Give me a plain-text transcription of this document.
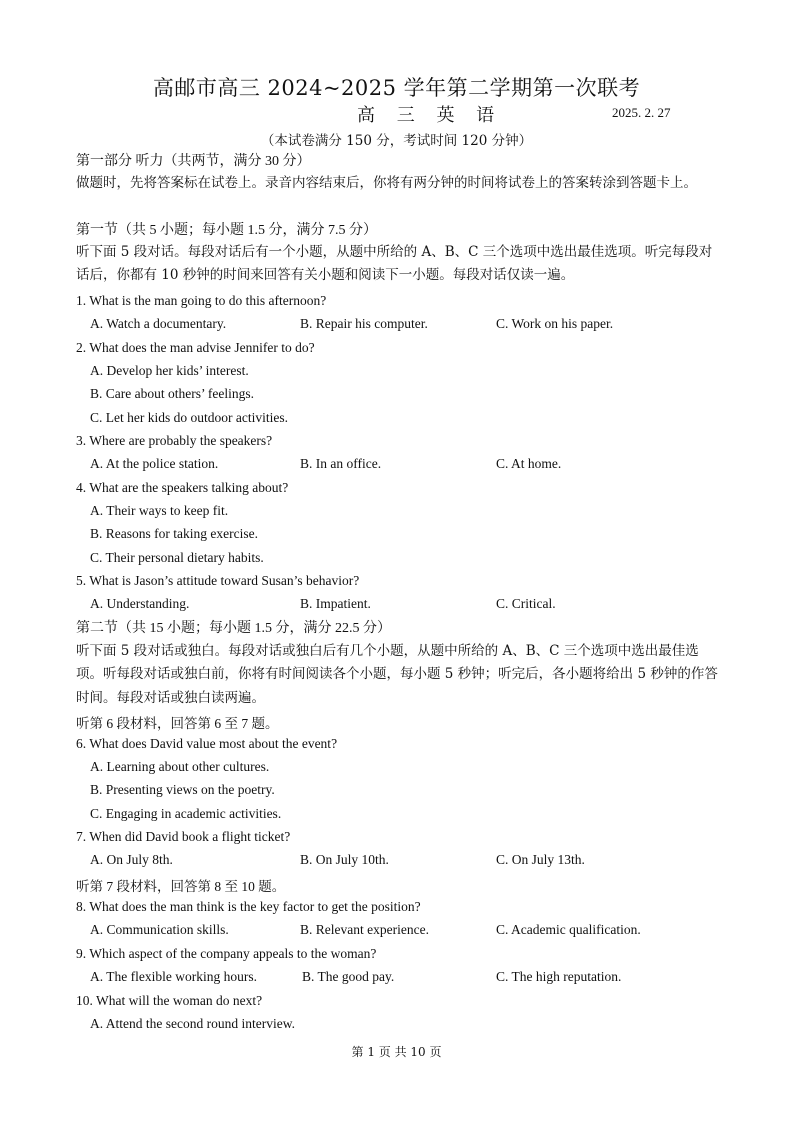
高邮市高三 2024~2025 学年第二学期第一次联考
高 三 英 语	2025. 2. 27
（本试卷满分 150 分，考试时间 120 分钟）
第一部分 听力（共两节，满分 30 分）
做题时，先将答案标在试卷上。录音内容结束后，你将有两分钟的时间将试卷上的答案转涂到答题卡上。
第一节（共 5 小题；每小题 1.5 分，满分 7.5 分）
听下面 5 段对话。每段对话后有一个小题，从题中所给的 A、B、C 三个选项中选出最佳选项。听完每段对话后，你都有 10 秒钟的时间来回答有关小题和阅读下一小题。每段对话仅读一遍。
1. What is the man going to do this afternoon?
A. Watch a documentary.	B. Repair his computer.	C. Work on his paper.
2. What does the man advise Jennifer to do?
A. Develop her kids’ interest.
B. Care about others’ feelings.
C. Let her kids do outdoor activities.
3. Where are probably the speakers?
A. At the police station.	B. In an office.	C. At home.
4. What are the speakers talking about?
A. Their ways to keep fit.
B. Reasons for taking exercise.
C. Their personal dietary habits.
5. What is Jason’s attitude toward Susan’s behavior?
A. Understanding.	B. Impatient.	C. Critical.
第二节（共 15 小题；每小题 1.5 分，满分 22.5 分）
听下面 5 段对话或独白。每段对话或独白后有几个小题，从题中所给的 A、B、C 三个选项中选出最佳选项。听每段对话或独白前，你将有时间阅读各个小题，每小题 5 秒钟；听完后，各小题将给出 5 秒钟的作答时间。每段对话或独白读两遍。
听第 6 段材料，回答第 6 至 7 题。
6. What does David value most about the event?
A. Learning about other cultures.
B. Presenting views on the poetry.
C. Engaging in academic activities.
7. When did David book a flight ticket?
A. On July 8th.	B. On July 10th.	C. On July 13th.
听第 7 段材料，回答第 8 至 10 题。
8. What does the man think is the key factor to get the position?
A. Communication skills.	B. Relevant experience.	C. Academic qualification.
9. Which aspect of the company appeals to the woman?
A. The flexible working hours.	B. The good pay.	C. The high reputation.
10. What will the woman do next?
A. Attend the second round interview.
第 1 页 共 10 页
